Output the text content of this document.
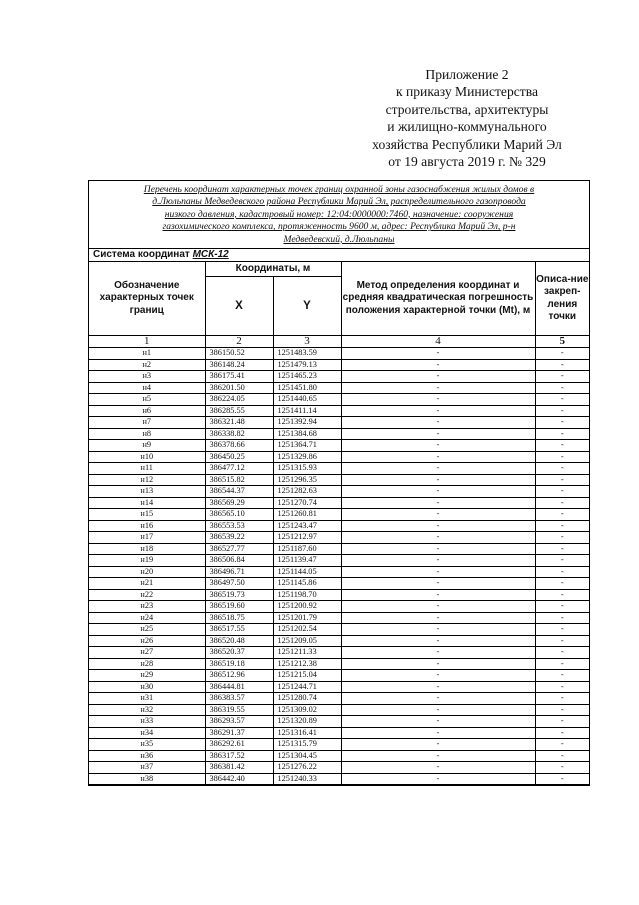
Приложение 2
к приказу Министерства
строительства, архитектуры
и жилищно-коммунального
хозяйства Республики Марий Эл
от 19 августа 2019 г. № 329
Перечень координат характерных точек границ охранной зоны газоснабжения жилых домов в
д.Люльпаны Медведевского района Республики Марий Эл, распределительного газопровода
низкого давления, кадастровый номер: 12:04:0000000:7460, назначение: сооружения
газохимического комплекса, протяженность 9600 м, адрес: Республика Марий Эл, р-н
Медведевский, д.Люльпаны
Система координат МСК-12				
Обозначение характерных точек границ	Координаты, м		Метод определения координат и средняя квадратическая погрешность положения характерной точки (Mt), м	Описа-ние закреп-ления точки
	X	Y		
1	2	3	4	5
н1	386150.52	1251483.59	-	-
н2	386148.24	1251479.13	-	-
н3	386175.41	1251465.23	-	-
н4	386201.50	1251451.80	-	-
н5	386224.05	1251440.65	-	-
н6	386285.55	1251411.14	-	-
н7	386321.48	1251392.94	-	-
н8	386338.82	1251384.68	-	-
н9	386378.66	1251364.71	-	-
н10	386450.25	1251329.86	-	-
н11	386477.12	1251315.93	-	-
н12	386515.82	1251296.35	-	-
н13	386544.37	1251282.63	-	-
н14	386569.29	1251270.74	-	-
н15	386565.10	1251260.81	-	-
н16	386553.53	1251243.47	-	-
н17	386539.22	1251212.97	-	-
н18	386527.77	1251187.60	-	-
н19	386506.84	1251139.47	-	-
н20	386496.71	1251144.05	-	-
н21	386497.50	1251145.86	-	-
н22	386519.73	1251198.70	-	-
н23	386519.60	1251200.92	-	-
н24	386518.75	1251201.79	-	-
н25	386517.55	1251202.54	-	-
н26	386520.48	1251209.05	-	-
н27	386520.37	1251211.33	-	-
н28	386519.18	1251212.38	-	-
н29	386512.96	1251215.04	-	-
н30	386444.81	1251244.71	-	-
н31	386383.57	1251280.74	-	-
н32	386319.55	1251309.02	-	-
н33	386293.57	1251320.89	-	-
н34	386291.37	1251316.41	-	-
н35	386292.61	1251315.79	-	-
н36	386317.52	1251304.45	-	-
н37	386381.42	1251276.22	-	-
н38	386442.40	1251240.33	-	-
